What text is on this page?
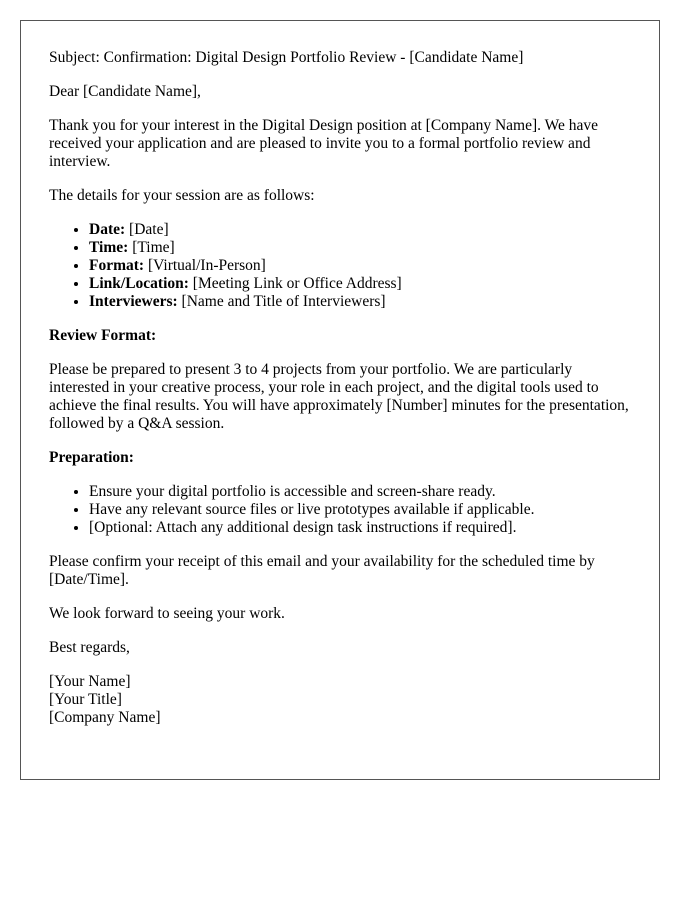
Subject: Confirmation: Digital Design Portfolio Review - [Candidate Name]

Dear [Candidate Name],

Thank you for your interest in the Digital Design position at [Company Name]. We have received your application and are pleased to invite you to a formal portfolio review and interview.

The details for your session are as follows:

• Date: [Date]
• Time: [Time]
• Format: [Virtual/In-Person]
• Link/Location: [Meeting Link or Office Address]
• Interviewers: [Name and Title of Interviewers]

Review Format:

Please be prepared to present 3 to 4 projects from your portfolio. We are particularly interested in your creative process, your role in each project, and the digital tools used to achieve the final results. You will have approximately [Number] minutes for the presentation, followed by a Q&A session.

Preparation:

• Ensure your digital portfolio is accessible and screen-share ready.
• Have any relevant source files or live prototypes available if applicable.
• [Optional: Attach any additional design task instructions if required].

Please confirm your receipt of this email and your availability for the scheduled time by [Date/Time].

We look forward to seeing your work.

Best regards,

[Your Name]
[Your Title]
[Company Name]
